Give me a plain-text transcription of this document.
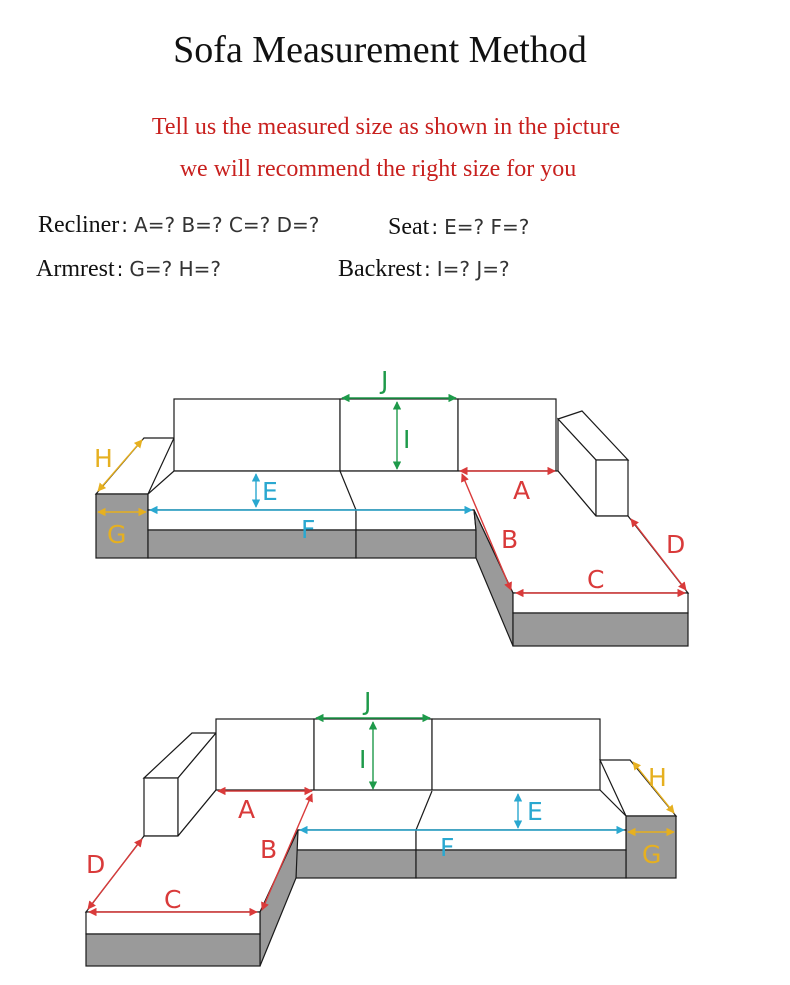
Sofa Measurement Method
Tell us the measured size as shown in the picture
we will recommend the right size for you
Recliner : A=? B=? C=? D=?	Seat : E=? F=?
Armrest : G=? H=?	Backrest : I=? J=?
J
I
E
F
G
H
A
B
C
D
J
I
E
F	G
H
A
B
C
D
